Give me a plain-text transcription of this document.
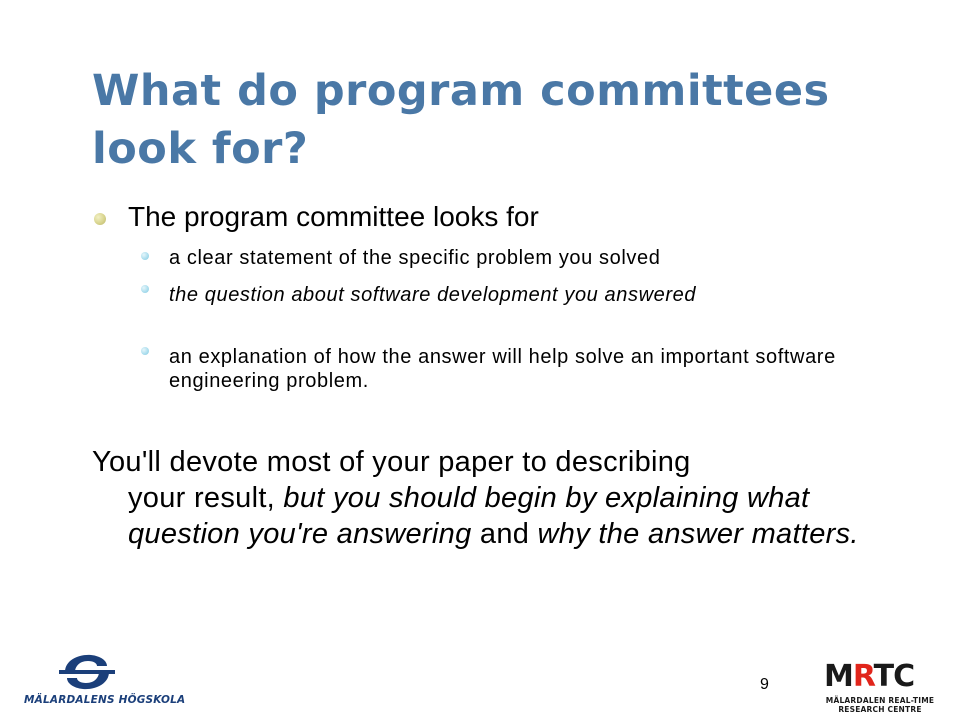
What do program committees look for?
The program committee looks for
a clear statement of the specific problem you solved
the question about software development you answered
an explanation of how the answer will help solve an important software engineering problem.
You'll devote most of your paper to describing
your result, but you should begin by explaining what question you're answering and why the answer matters.
9
MÄLARDALENS HÖGSKOLA
MRTC
MÄLARDALEN REAL-TIME
RESEARCH CENTRE
